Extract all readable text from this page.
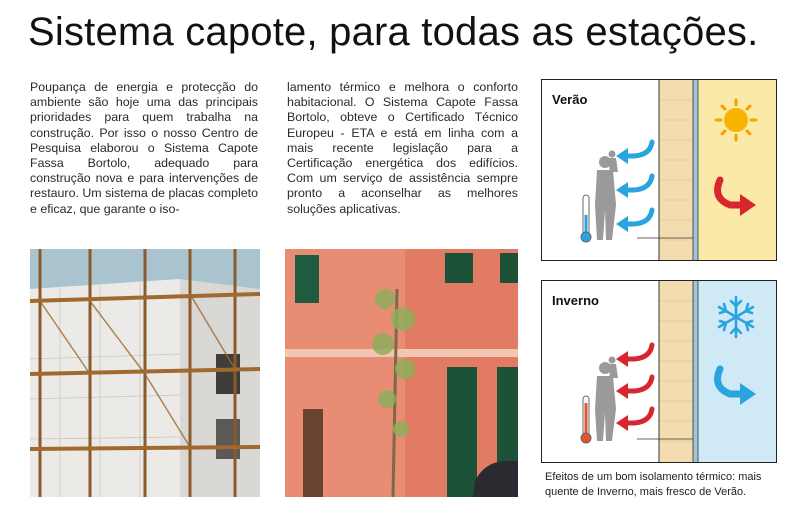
Sistema capote, para todas as estações.
Poupança de energia e protecção do ambiente são hoje uma das principais prioridades para quem trabalha na construção. Por isso o nosso Centro de Pesquisa elaborou o Sistema Capote Fassa Bortolo, adequado para construção nova e para intervenções de restauro. Um sistema de placas completo e eficaz, que garante o iso-
lamento térmico e melhora o conforto habitacional. O Sistema Capote Fassa Bortolo, obteve o Certificado Técnico Europeu - ETA e está em linha com a mais recente legislação para a Certificação energética dos edifícios. Com um serviço de assistência sempre pronto a aconselhar as melhores soluções aplicativas.
Verão
Inverno
Efeitos de um bom isolamento térmico: mais quente de Inverno, mais fresco de Verão.
